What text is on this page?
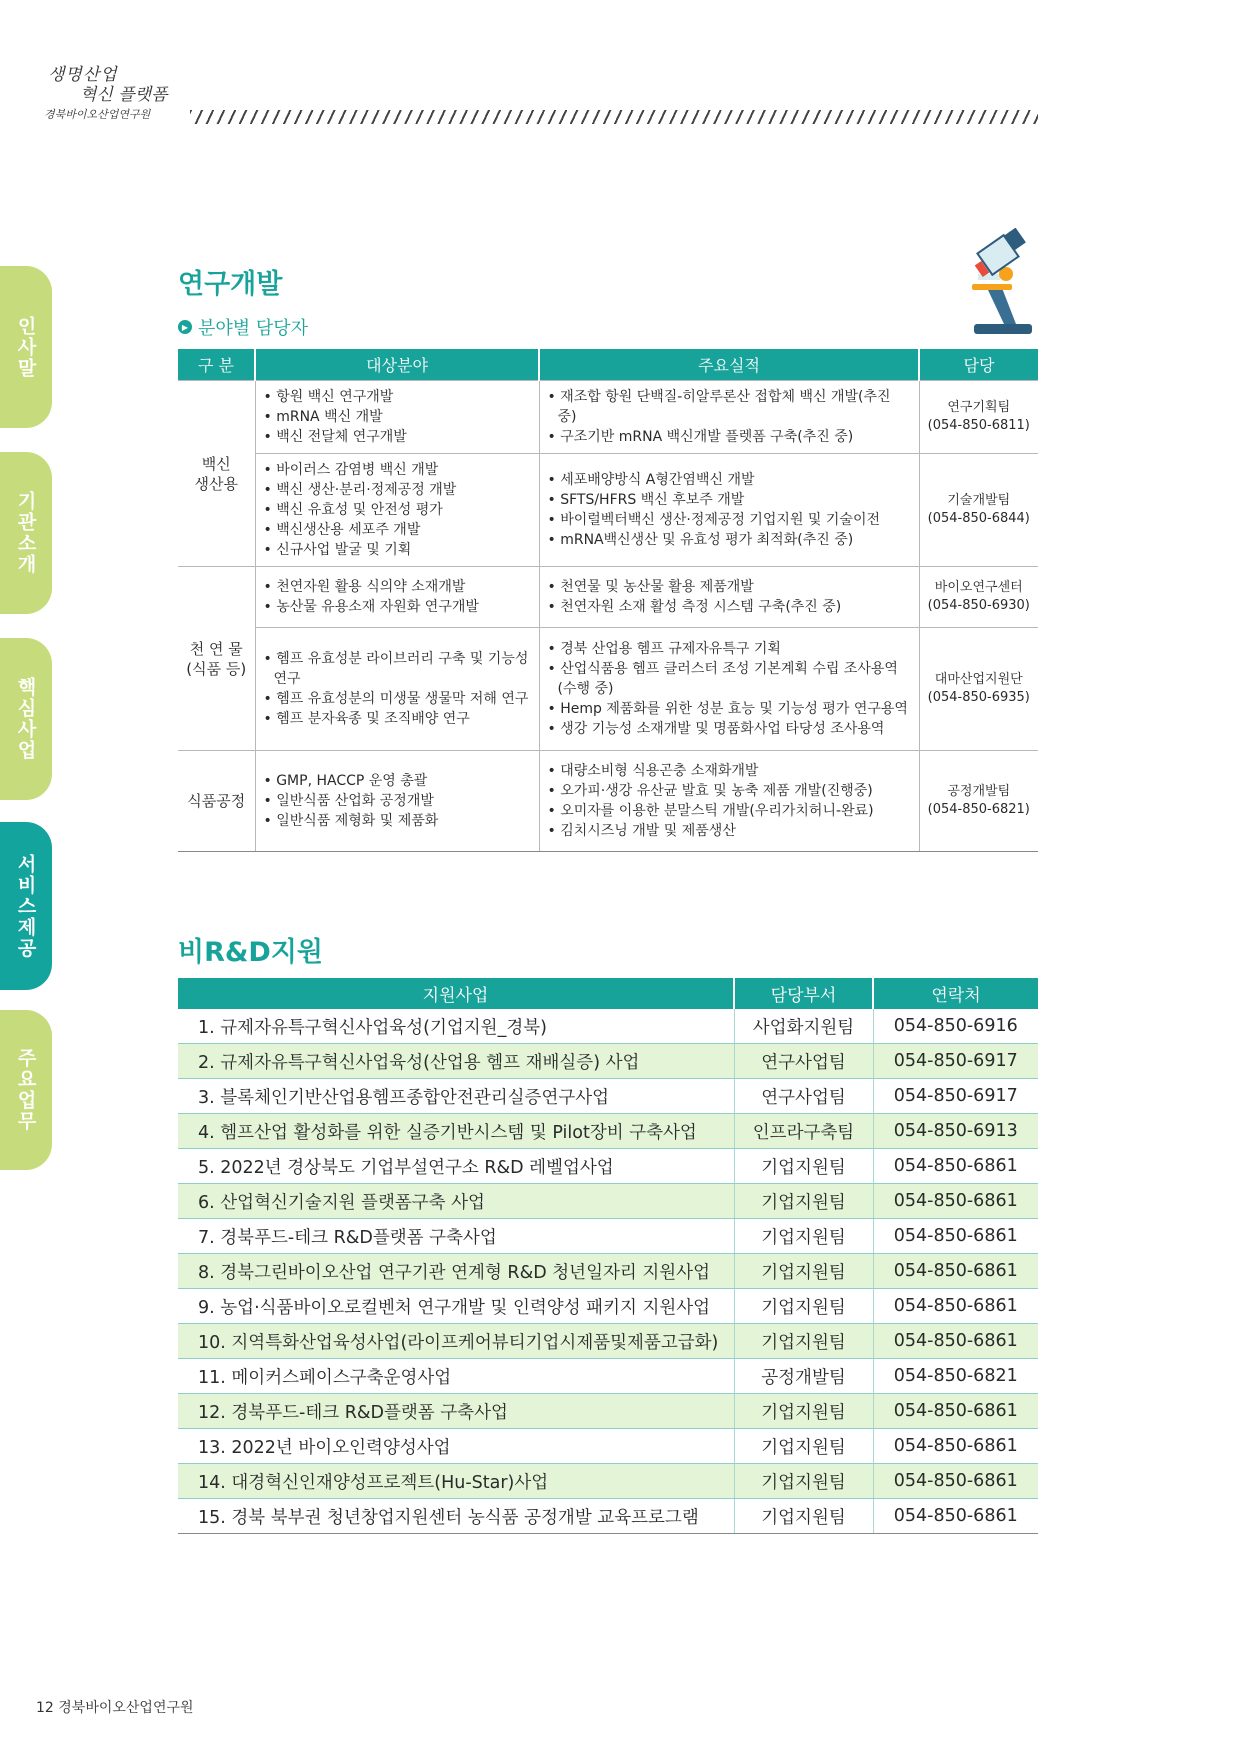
생명산업
혁신 플랫폼
경북바이오산업연구원
인사말
기관소개
핵심사업
서비스제공
주요업무
연구개발
▶ 분야별 담당자
구 분	대상분야	주요실적	담당

백신
생산용	• 항원 백신 연구개발
• mRNA 백신 개발
• 백신 전달체 연구개발	• 재조합 항원 단백질-히알루론산 접합체 백신 개발(추진 중)
• 구조기반 mRNA 백신개발 플렛폼 구축(추진 중)	연구기획팀
(054-850-6811)

	• 바이러스 감염병 백신 개발
• 백신 생산·분리·정제공정 개발
• 백신 유효성 및 안전성 평가
• 백신생산용 세포주 개발
• 신규사업 발굴 및 기획	• 세포배양방식 A형간염백신 개발
• SFTS/HFRS 백신 후보주 개발
• 바이럴벡터백신 생산·정제공정 기업지원 및 기술이전
• mRNA백신생산 및 유효성 평가 최적화(추진 중)	기술개발팀
(054-850-6844)

천 연 물
(식품 등)	• 천연자원 활용 식의약 소재개발
• 농산물 유용소재 자원화 연구개발	• 천연물 및 농산물 활용 제품개발
• 천연자원 소재 활성 측정 시스템 구축(추진 중)	바이오연구센터
(054-850-6930)

	• 헴프 유효성분 라이브러리 구축 및 기능성 연구
• 헴프 유효성분의 미생물 생물막 저해 연구
• 헴프 분자육종 및 조직배양 연구	• 경북 산업용 헴프 규제자유특구 기획
• 산업식품용 헴프 클러스터 조성 기본계획 수립 조사용역 (수행 중)
• Hemp 제품화를 위한 성분 효능 및 기능성 평가 연구용역
• 생강 기능성 소재개발 및 명품화사업 타당성 조사용역	대마산업지원단
(054-850-6935)

식품공정	• GMP, HACCP 운영 총괄
• 일반식품 산업화 공정개발
• 일반식품 제형화 및 제품화	• 대량소비형 식용곤충 소재화개발
• 오가피·생강 유산균 발효 및 농축 제품 개발(진행중)
• 오미자를 이용한 분말스틱 개발(우리가치허니-완료)
• 김치시즈닝 개발 및 제품생산	공정개발팀
(054-850-6821)
비R&D지원
지원사업	담당부서	연락처
1. 규제자유특구혁신사업육성(기업지원_경북)	사업화지원팀	054-850-6916
2. 규제자유특구혁신사업육성(산업용 헴프 재배실증) 사업	연구사업팀	054-850-6917
3. 블록체인기반산업용헴프종합안전관리실증연구사업	연구사업팀	054-850-6917
4. 헴프산업 활성화를 위한 실증기반시스템 및 Pilot장비 구축사업	인프라구축팀	054-850-6913
5. 2022년 경상북도 기업부설연구소 R&D 레벨업사업	기업지원팀	054-850-6861
6. 산업혁신기술지원 플랫폼구축 사업	기업지원팀	054-850-6861
7. 경북푸드-테크 R&D플랫폼 구축사업	기업지원팀	054-850-6861
8. 경북그린바이오산업 연구기관 연계형 R&D 청년일자리 지원사업	기업지원팀	054-850-6861
9. 농업·식품바이오로컬벤처 연구개발 및 인력양성 패키지 지원사업	기업지원팀	054-850-6861
10. 지역특화산업육성사업(라이프케어뷰티기업시제품및제품고급화)	기업지원팀	054-850-6861
11. 메이커스페이스구축운영사업	공정개발팀	054-850-6821
12. 경북푸드-테크 R&D플랫폼 구축사업	기업지원팀	054-850-6861
13. 2022년 바이오인력양성사업	기업지원팀	054-850-6861
14. 대경혁신인재양성프로젝트(Hu-Star)사업	기업지원팀	054-850-6861
15. 경북 북부권 청년창업지원센터 농식품 공정개발 교육프로그램	기업지원팀	054-850-6861
12 경북바이오산업연구원
